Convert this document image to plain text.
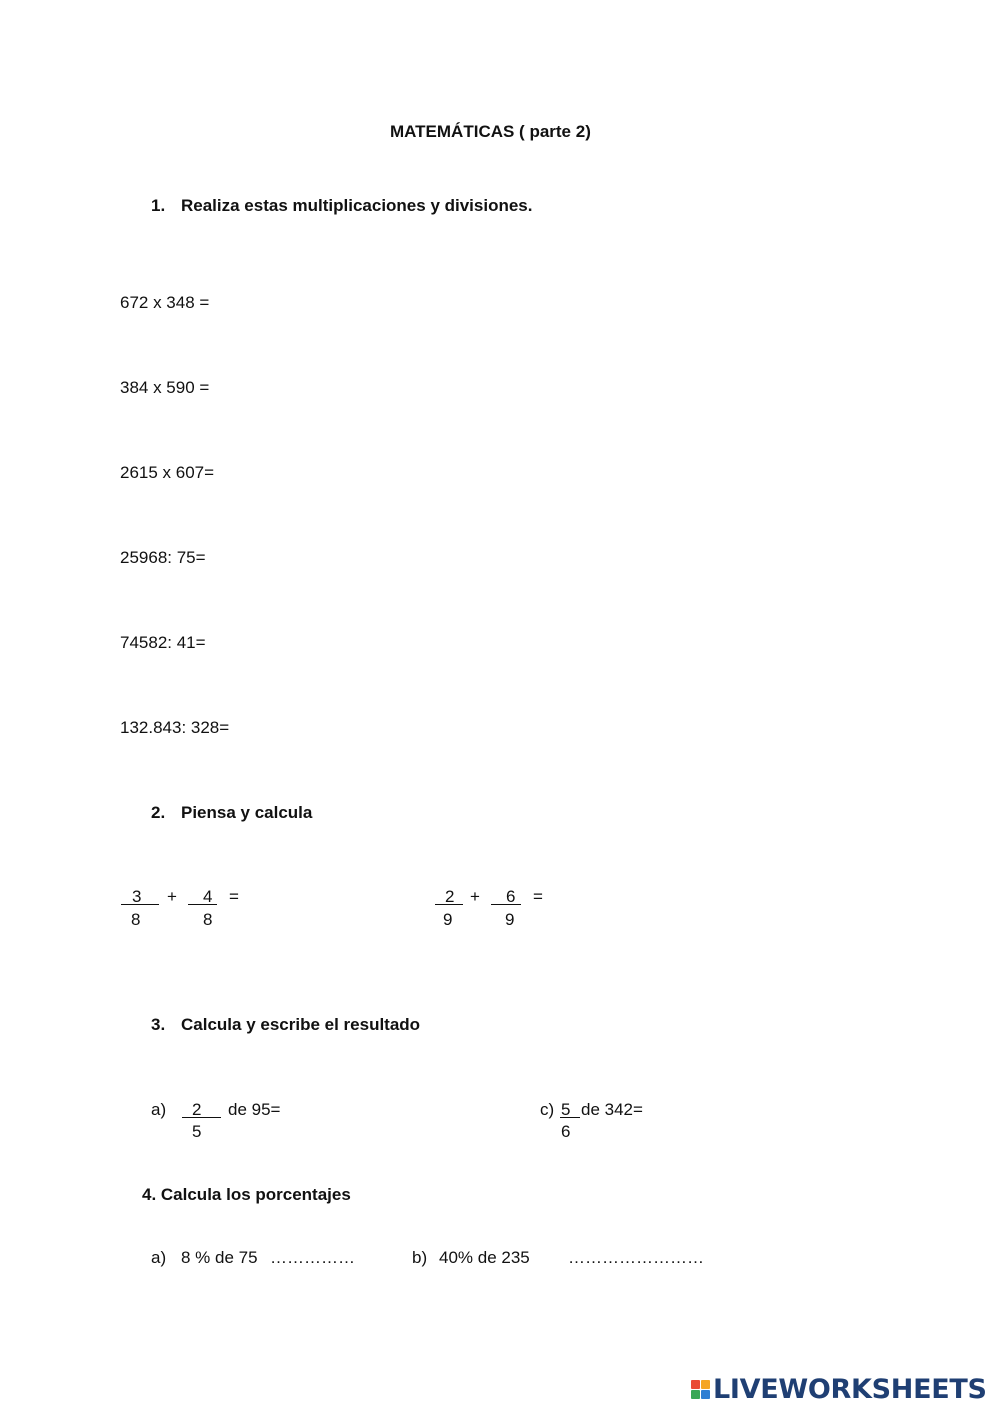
MATEMÁTICAS ( parte 2)
1. Realiza estas multiplicaciones y divisiones.
672 x 348 =
384 x 590 =
2615 x 607=
25968: 75=
74582: 41=
132.843: 328=
2. Piensa y calcula
3
8
+ 4
8
=	2
9
+ 6
9
=
3. Calcula y escribe el resultado
a) 2
5
de 95=	c) 5
6
de 342=
4. Calcula los porcentajes
a) 8 % de 75 ……………	b) 40% de 235 ……………………
LIVEWORKSHEETS
